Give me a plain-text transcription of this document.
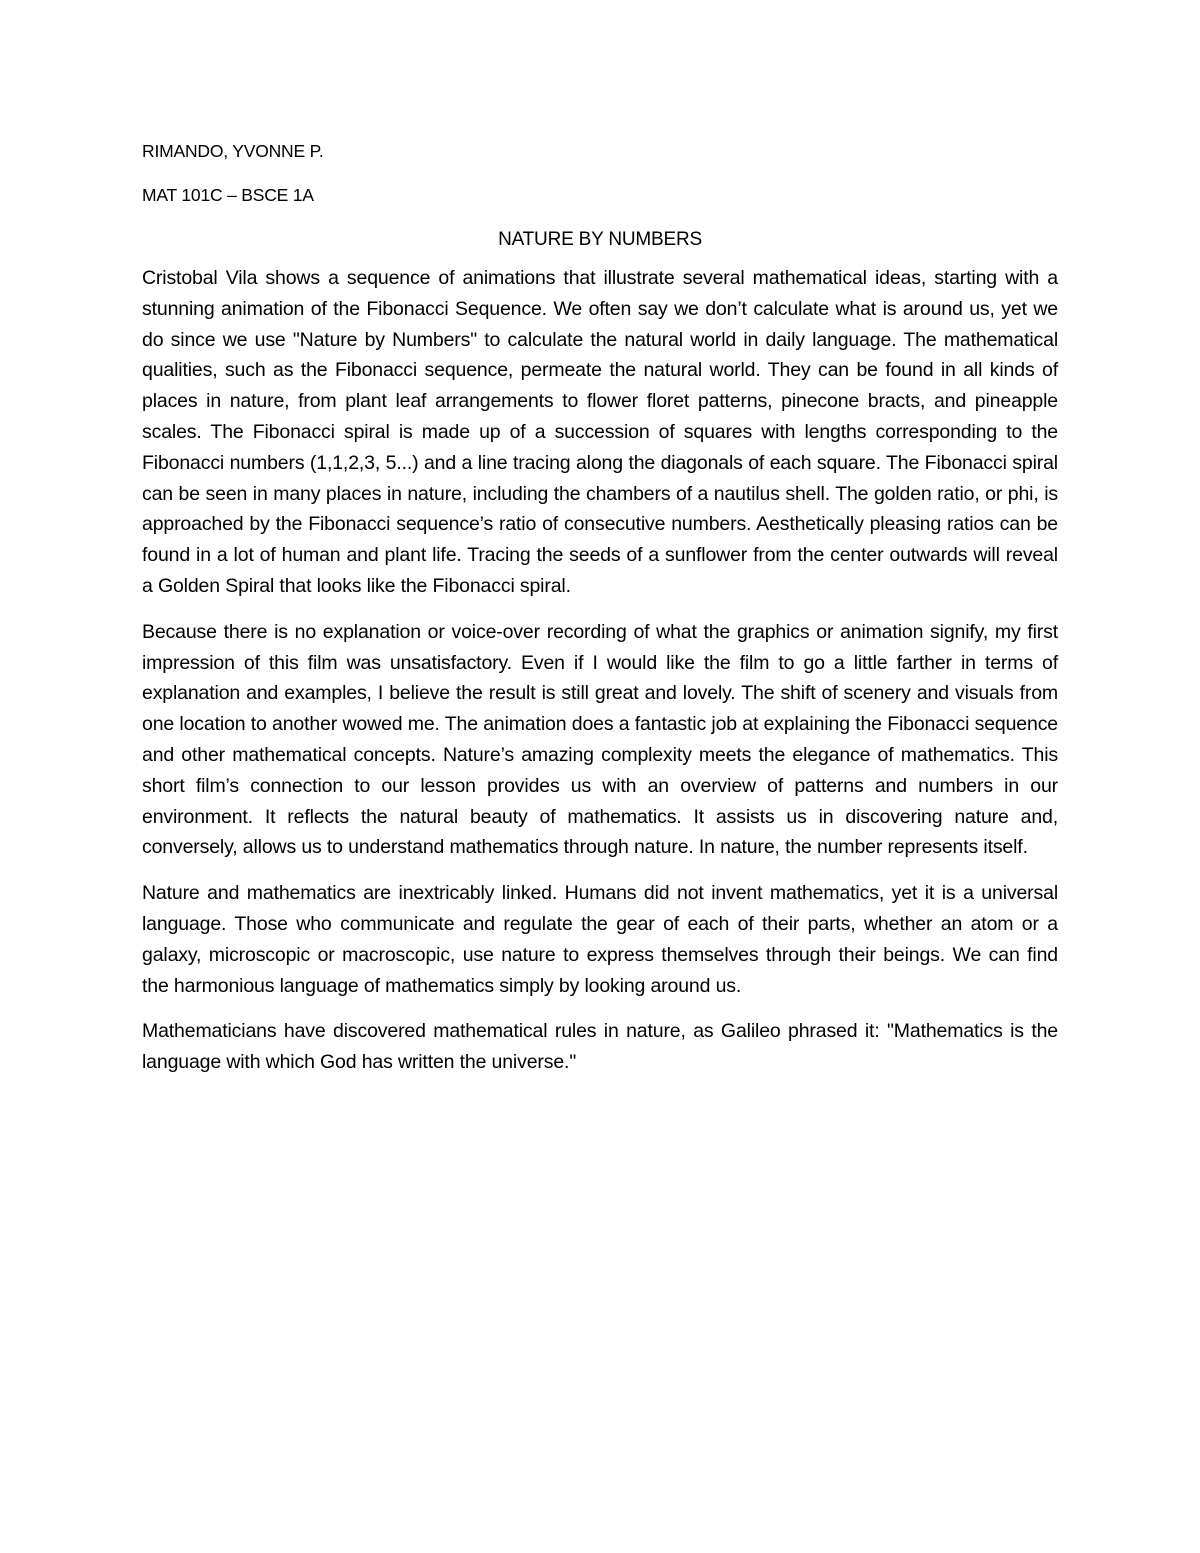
RIMANDO, YVONNE P.

MAT 101C – BSCE 1A

NATURE BY NUMBERS

Cristobal Vila shows a sequence of animations that illustrate several mathematical ideas, starting with a stunning animation of the Fibonacci Sequence. We often say we don’t calculate what is around us, yet we do since we use "Nature by Numbers" to calculate the natural world in daily language. The mathematical qualities, such as the Fibonacci sequence, permeate the natural world. They can be found in all kinds of places in nature, from plant leaf arrangements to flower floret patterns, pinecone bracts, and pineapple scales. The Fibonacci spiral is made up of a succession of squares with lengths corresponding to the Fibonacci numbers (1,1,2,3, 5...) and a line tracing along the diagonals of each square. The Fibonacci spiral can be seen in many places in nature, including the chambers of a nautilus shell. The golden ratio, or phi, is approached by the Fibonacci sequence’s ratio of consecutive numbers. Aesthetically pleasing ratios can be found in a lot of human and plant life. Tracing the seeds of a sunflower from the center outwards will reveal a Golden Spiral that looks like the Fibonacci spiral.

Because there is no explanation or voice-over recording of what the graphics or animation signify, my first impression of this film was unsatisfactory. Even if I would like the film to go a little farther in terms of explanation and examples, I believe the result is still great and lovely. The shift of scenery and visuals from one location to another wowed me. The animation does a fantastic job at explaining the Fibonacci sequence and other mathematical concepts. Nature’s amazing complexity meets the elegance of mathematics. This short film’s connection to our lesson provides us with an overview of patterns and numbers in our environment. It reflects the natural beauty of mathematics. It assists us in discovering nature and, conversely, allows us to understand mathematics through nature. In nature, the number represents itself.

Nature and mathematics are inextricably linked. Humans did not invent mathematics, yet it is a universal language. Those who communicate and regulate the gear of each of their parts, whether an atom or a galaxy, microscopic or macroscopic, use nature to express themselves through their beings. We can find the harmonious language of mathematics simply by looking around us.

Mathematicians have discovered mathematical rules in nature, as Galileo phrased it: "Mathematics is the language with which God has written the universe."
